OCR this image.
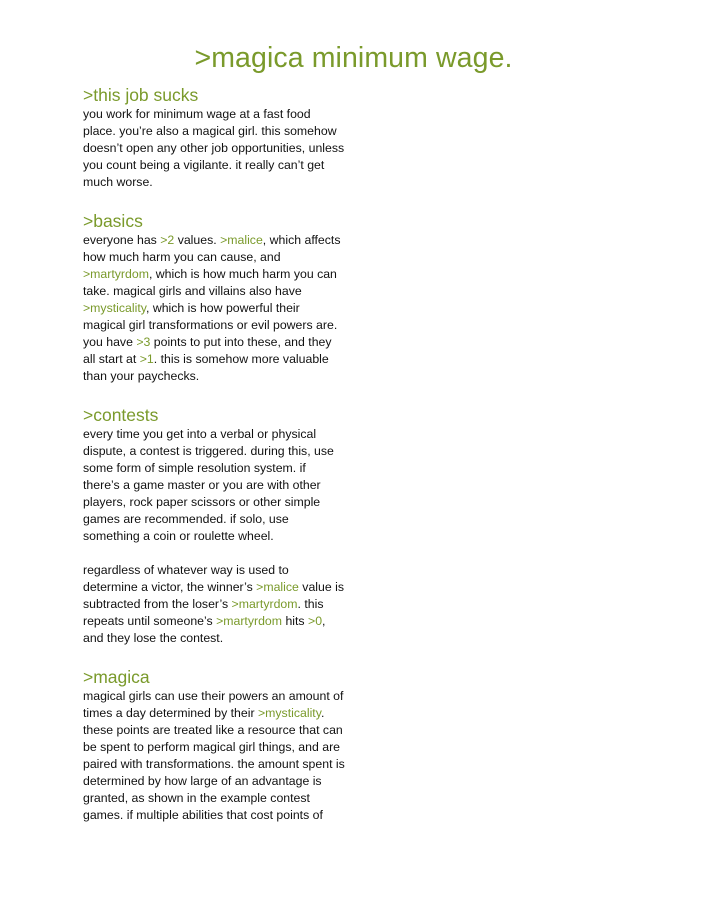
>magica minimum wage.
>this job sucks

you work for minimum wage at a fast food place. you’re also a magical girl. this somehow doesn’t open any other job opportunities, unless you count being a vigilante. it really can’t get much worse.

>basics

everyone has >2 values. >malice, which affects how much harm you can cause, and >martyrdom, which is how much harm you can take. magical girls and villains also have >mysticality, which is how powerful their magical girl transformations or evil powers are. you have >3 points to put into these, and they all start at >1. this is somehow more valuable than your paychecks.

>contests

every time you get into a verbal or physical dispute, a contest is triggered. during this, use some form of simple resolution system. if there’s a game master or you are with other players, rock paper scissors or other simple games are recommended. if solo, use something a coin or roulette wheel.

regardless of whatever way is used to determine a victor, the winner’s >malice value is subtracted from the loser’s >martyrdom. this repeats until someone’s >martyrdom hits >0, and they lose the contest.

>magica

magical girls can use their powers an amount of times a day determined by their >mysticality. these points are treated like a resource that can be spent to perform magical girl things, and are paired with transformations. the amount spent is determined by how large of an advantage is granted, as shown in the example contest games. if multiple abilities that cost points of
